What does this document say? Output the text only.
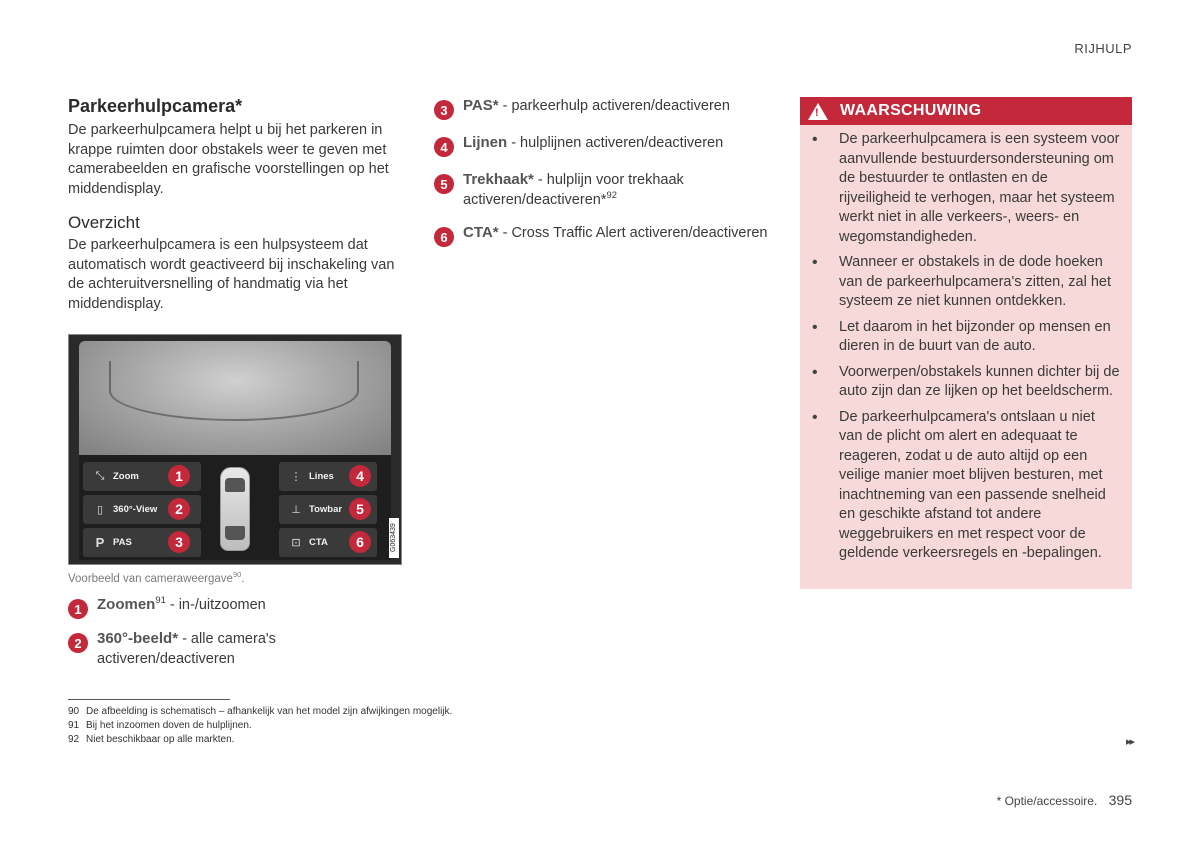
RIJHULP
Parkeerhulpcamera*

De parkeerhulpcamera helpt u bij het parkeren in krappe ruimten door obstakels weer te geven met camerabeelden en grafische voorstellingen op het middendisplay.

Overzicht

De parkeerhulpcamera is een hulpsysteem dat automatisch wordt geactiveerd bij inschakeling van de achteruitversnelling of handmatig via het middendisplay.

⤡ Zoom	1
▯	360°-View	2
P PAS	3
⋮ Lines	4
⊥ Towbar	5
⊡ CTA	6	G063439
Voorbeeld van cameraweergave$^{90}$.
1	Zoomen$^{91}$ - in-/uitzoomen
2	360°-beeld* - alle camera's activeren/deactiveren
3	PAS* - parkeerhulp activeren/deactiveren
4	Lijnen - hulplijnen activeren/deactiveren
5	Trekhaak* - hulplijn voor trekhaak activeren/deactiveren*$^{92}$
6	CTA* - Cross Traffic Alert activeren/deactiveren
! WAARSCHUWING
• De parkeerhulpcamera is een systeem voor aanvullende bestuurdersondersteuning om de bestuurder te ontlasten en de rijveiligheid te verhogen, maar het systeem werkt niet in alle verkeers-, weers- en wegomstandigheden.
• Wanneer er obstakels in de dode hoeken van de parkeerhulpcamera's zitten, zal het systeem ze niet kunnen ontdekken.
• Let daarom in het bijzonder op mensen en dieren in de buurt van de auto.
• Voorwerpen/obstakels kunnen dichter bij de auto zijn dan ze lijken op het beeldscherm.
• De parkeerhulpcamera's ontslaan u niet van de plicht om alert en adequaat te reageren, zodat u de auto altijd op een veilige manier moet blijven besturen, met inachtneming van een passende snelheid en geschikte afstand tot andere weggebruikers en met respect voor de geldende verkeersregels en -bepalingen.
90 De afbeelding is schematisch – afhankelijk van het model zijn afwijkingen mogelijk.
91 Bij het inzoomen doven de hulplijnen.
92 Niet beschikbaar op alle markten.	▸▸
* Optie/accessoire. 395
